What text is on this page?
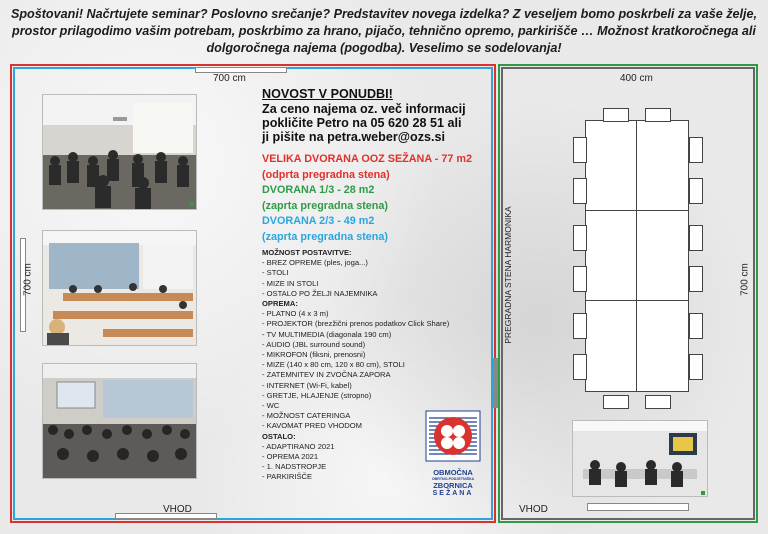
Spoštovani! Načrtujete seminar? Poslovno srečanje? Predstavitev novega izdelka? Z veseljem bomo poskrbeli za vaše želje, prostor prilagodimo vašim potrebam, poskrbimo za hrano, pijačo, tehnično opremo, parkirišče … Možnost kratkoročnega ali dolgoročnega najema (pogodba). Veselimo se sodelovanja!
700 cm
700 cm
VHOD
400 cm
700 cm
VHOD
PREGRADNA STENA HARMONIKA
NOVOST V PONUDBI!
Za ceno najema oz. več informacij
pokličite Petro na 05 620 28 51 ali
ji pišite na petra.weber@ozs.si
VELIKA DVORANA OOZ SEŽANA - 77 m2
(odprta pregradna stena)
DVORANA 1/3 - 28 m2
(zaprta pregradna stena)
DVORANA 2/3 - 49 m2
(zaprta pregradna stena)
MOŽNOST POSTAVITVE:
- BREZ OPREME (ples, joga...)
- STOLI
- MIZE IN STOLI
- OSTALO PO ŽELJI NAJEMNIKA
OPREMA:
- PLATNO (4 x 3 m)
- PROJEKTOR (brezžični prenos podatkov Click Share)
- TV MULTIMEDIA (diagonala 190 cm)
- AUDIO (JBL surround sound)
- MIKROFON (fiksni, prenosni)
- MIZE (140 x 80 cm, 120 x 80 cm), STOLI
- ZATEMNITEV IN ZVOČNA ZAPORA
- INTERNET (Wi-Fi, kabel)
- GRETJE, HLAJENJE (stropno)
- WC
- MOŽNOST CATERINGA
- KAVOMAT PRED VHODOM
OSTALO:
- ADAPTIRANO 2021
- OPREMA 2021
- 1. NADSTROPJE
- PARKIRIŠČE	OBMOČNA
OBRTNO-PODJETNIŠKA
ZBORNICA
SEŽANA
